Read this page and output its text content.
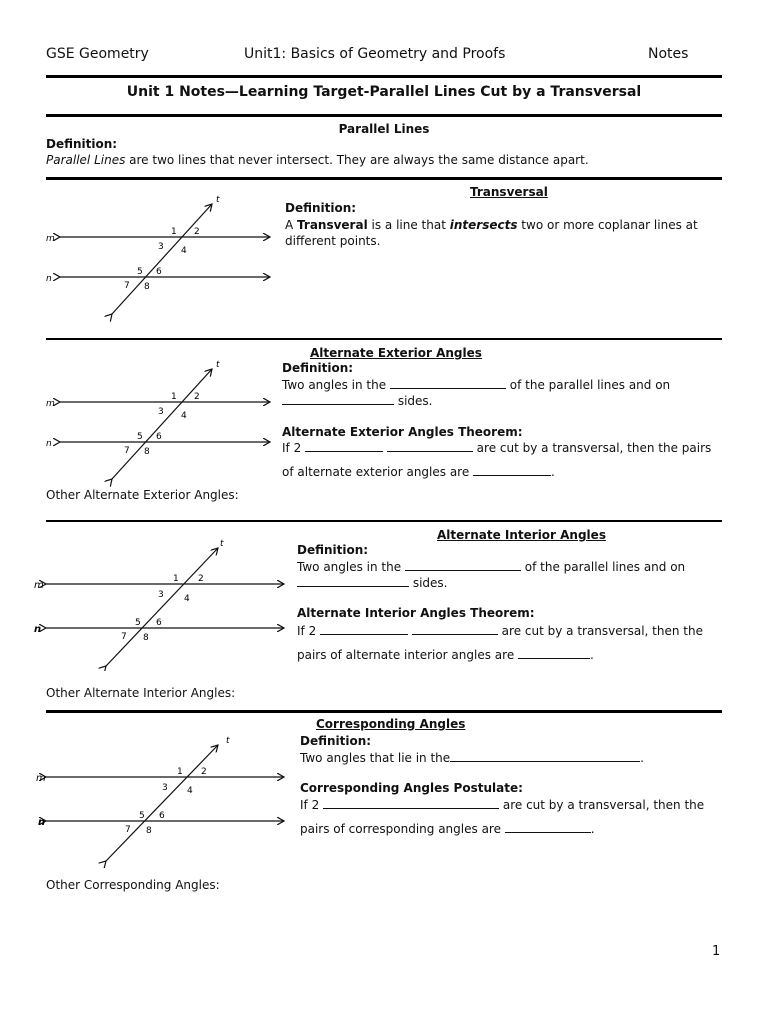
GSE Geometry	Unit1: Basics of Geometry and Proofs	Notes
Unit 1 Notes—Learning Target-Parallel Lines Cut by a Transversal
Parallel Lines
Definition:
Parallel Lines are two lines that never intersect. They are always the same distance apart.
t
m
n
1 2
3 4
5 6
7 8
Transversal
Definition:
A Transveral is a line that intersects two or more coplanar lines at
different points.
t
m
n
1 2
3 4
5 6
7 8
Alternate Exterior Angles
Definition:
Two angles in the	of the parallel lines and on
sides.
Alternate Exterior Angles Theorem:
If 2	are cut by a transversal, then the pairs
of alternate exterior angles are	.
Other Alternate Exterior Angles:
t
m
n
1 2
3 4
5 6
7 8
Alternate Interior Angles
Definition:
Two angles in the	of the parallel lines and on
sides.
Alternate Interior Angles Theorem:
If 2	are cut by a transversal, then the
pairs of alternate interior angles are	.
Other Alternate Interior Angles:
t
m
n
1 2
3 4
5 6
7 8
Corresponding Angles
Definition:
Two angles that lie in the	.
Corresponding Angles Postulate:
If 2	are cut by a transversal, then the
pairs of corresponding angles are	.
Other Corresponding Angles:
1
